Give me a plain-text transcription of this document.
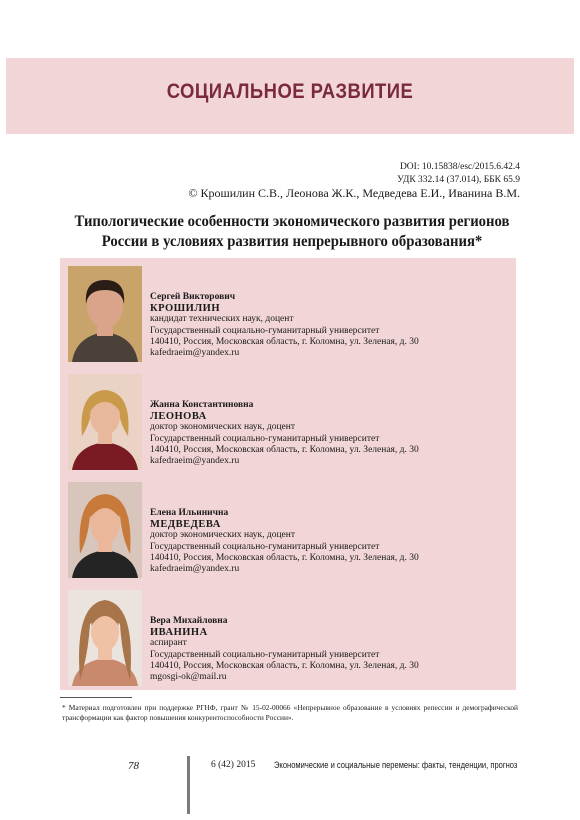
СОЦИАЛЬНОЕ РАЗВИТИЕ
DOI: 10.15838/esc/2015.6.42.4
УДК 332.14 (37.014), ББК 65.9
© Крошилин С.В., Леонова Ж.К., Медведева Е.И., Иванина В.М.
Типологические особенности экономического развития регионов
России в условиях развития непрерывного образования*
Сергей Викторович
КРОШИЛИН
кандидат технических наук, доцент
Государственный социально-гуманитарный университет
140410, Россия, Московская область, г. Коломна, ул. Зеленая, д. 30
kafedraeim@yandex.ru
Жанна Константиновна
ЛЕОНОВА
доктор экономических наук, доцент
Государственный социально-гуманитарный университет
140410, Россия, Московская область, г. Коломна, ул. Зеленая, д. 30
kafedraeim@yandex.ru
Елена Ильинична
МЕДВЕДЕВА
доктор экономических наук, доцент
Государственный социально-гуманитарный университет
140410, Россия, Московская область, г. Коломна, ул. Зеленая, д. 30
kafedraeim@yandex.ru
Вера Михайловна
ИВАНИНА
аспирант
Государственный социально-гуманитарный университет
140410, Россия, Московская область, г. Коломна, ул. Зеленая, д. 30
mgosgi-ok@mail.ru
* Материал подготовлен при поддержке РГНФ, грант № 15-02-00066 «Непрерывное образование в условиях репессии и демографической трансформации как фактор повышения конкурентоспособности России».
78	6 (42) 2015 Экономические и социальные перемены: факты, тенденции, прогноз
